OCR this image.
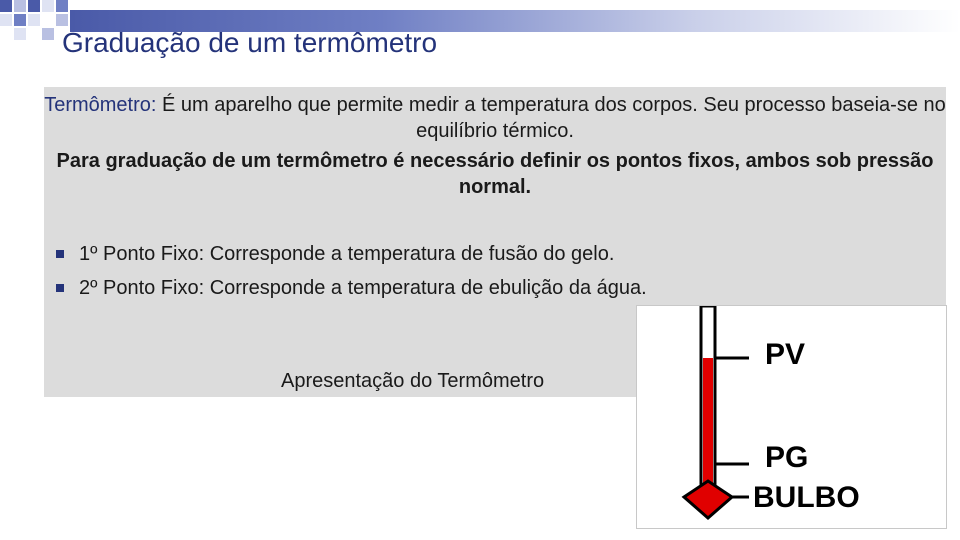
Graduação de um termômetro
Termômetro: É um aparelho que permite medir a temperatura dos corpos. Seu processo baseia-se no equilíbrio térmico.
Para graduação de um termômetro é necessário definir os pontos fixos, ambos sob pressão normal.
1º Ponto Fixo: Corresponde a temperatura de fusão do gelo.
2º Ponto Fixo: Corresponde a temperatura de ebulição da água.
Apresentação do Termômetro
PV
PG
BULBO
